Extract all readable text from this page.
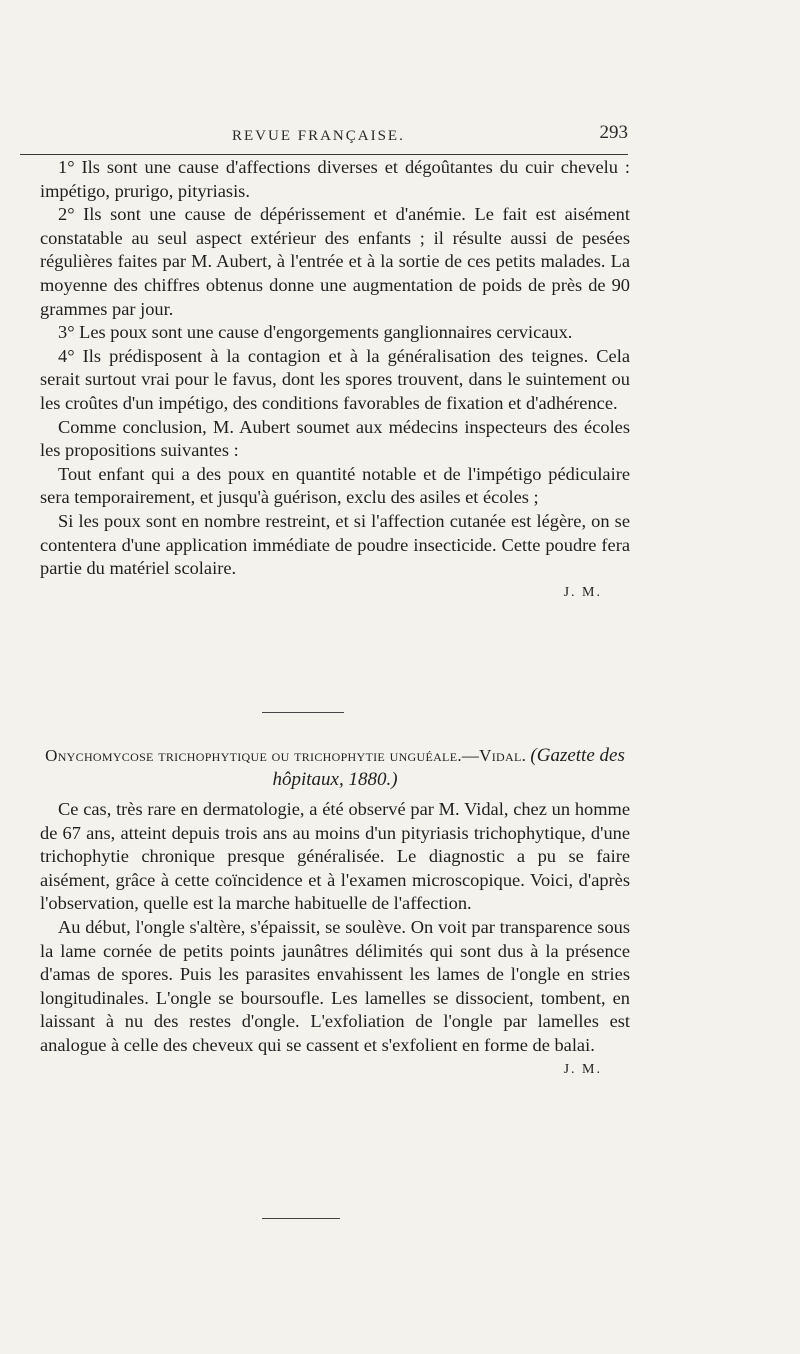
REVUE FRANÇAISE.	293

1° Ils sont une cause d'affections diverses et dégoûtantes du cuir chevelu : impétigo, prurigo, pityriasis.

2° Ils sont une cause de dépérissement et d'anémie. Le fait est aisément constatable au seul aspect extérieur des enfants ; il résulte aussi de pesées régulières faites par M. Aubert, à l'entrée et à la sortie de ces petits malades. La moyenne des chiffres obtenus donne une augmentation de poids de près de 90 grammes par jour.

3° Les poux sont une cause d'engorgements ganglionnaires cervicaux.

4° Ils prédisposent à la contagion et à la généralisation des teignes. Cela serait surtout vrai pour le favus, dont les spores trouvent, dans le suintement ou les croûtes d'un impétigo, des conditions favorables de fixation et d'adhérence.

Comme conclusion, M. Aubert soumet aux médecins inspecteurs des écoles les propositions suivantes :

Tout enfant qui a des poux en quantité notable et de l'impétigo pédiculaire sera temporairement, et jusqu'à guérison, exclu des asiles et écoles ;

Si les poux sont en nombre restreint, et si l'affection cutanée est légère, on se contentera d'une application immédiate de poudre insecticide. Cette poudre fera partie du matériel scolaire.

J. M.
Onychomycose trichophytique ou trichophytie unguéale.—Vidal. (Gazette des hôpitaux, 1880.)

Ce cas, très rare en dermatologie, a été observé par M. Vidal, chez un homme de 67 ans, atteint depuis trois ans au moins d'un pityriasis trichophytique, d'une trichophytie chronique presque généralisée. Le diagnostic a pu se faire aisément, grâce à cette coïncidence et à l'examen microscopique. Voici, d'après l'observation, quelle est la marche habituelle de l'affection.

Au début, l'ongle s'altère, s'épaissit, se soulève. On voit par transparence sous la lame cornée de petits points jaunâtres délimités qui sont dus à la présence d'amas de spores. Puis les parasites envahissent les lames de l'ongle en stries longitudinales. L'ongle se boursoufle. Les lamelles se dissocient, tombent, en laissant à nu des restes d'ongle. L'exfoliation de l'ongle par lamelles est analogue à celle des cheveux qui se cassent et s'exfolient en forme de balai.

J. M.
